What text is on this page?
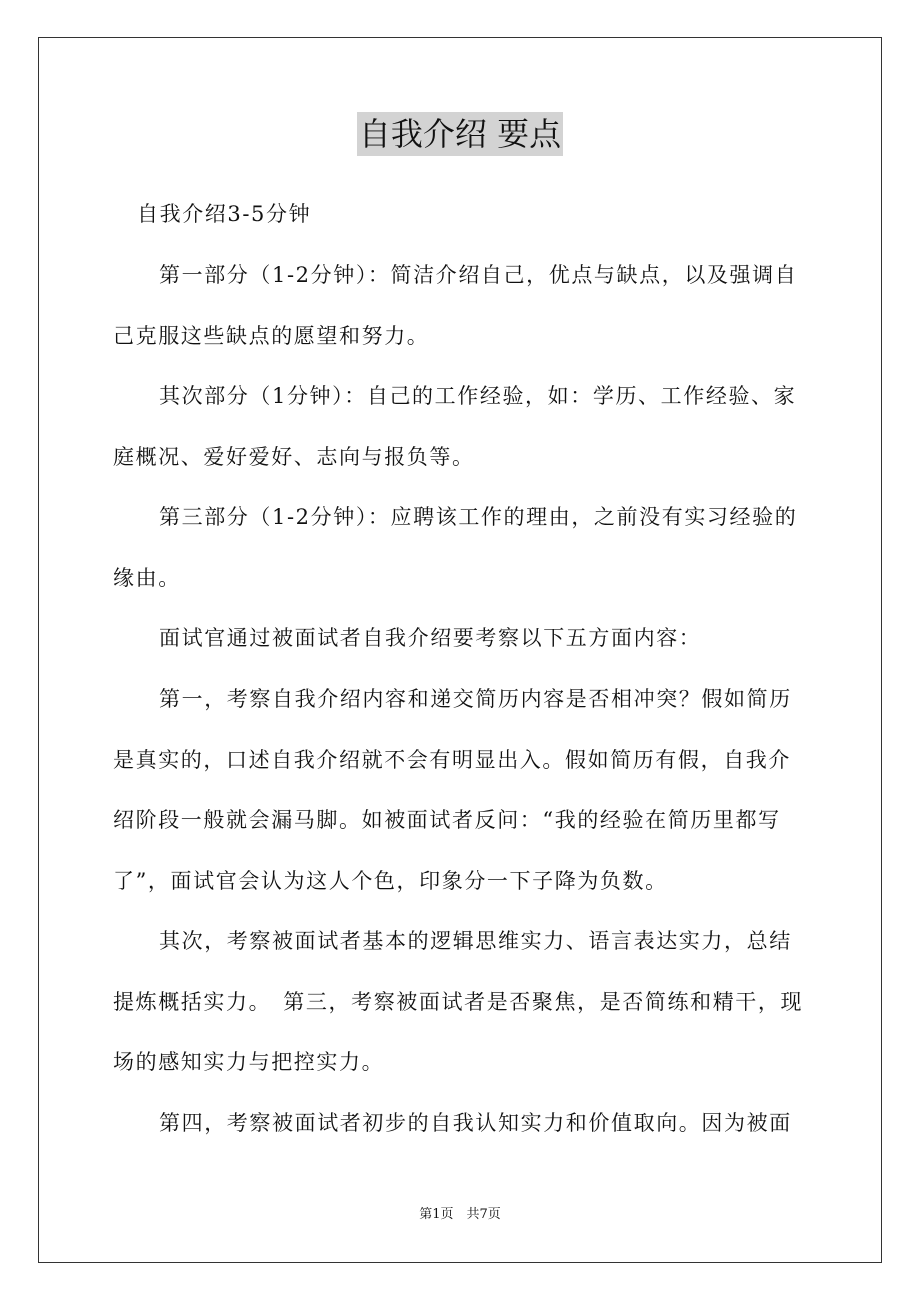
自我介绍 要点

自我介绍3-5分钟

第一部分（1-2分钟）：简洁介绍自己，优点与缺点，以及强调自己克服这些缺点的愿望和努力。

其次部分（1分钟）：自己的工作经验，如：学历、工作经验、家庭概况、爱好爱好、志向与报负等。

第三部分（1-2分钟）：应聘该工作的理由，之前没有实习经验的缘由。

面试官通过被面试者自我介绍要考察以下五方面内容：

第一，考察自我介绍内容和递交简历内容是否相冲突？假如简历是真实的，口述自我介绍就不会有明显出入。假如简历有假，自我介绍阶段一般就会漏马脚。如被面试者反问：“我的经验在简历里都写了”，面试官会认为这人个色，印象分一下子降为负数。

其次，考察被面试者基本的逻辑思维实力、语言表达实力，总结提炼概括实力。　第三，考察被面试者是否聚焦，是否简练和精干，现场的感知实力与把控实力。

第四，考察被面试者初步的自我认知实力和价值取向。因为被面

第1页　共7页
